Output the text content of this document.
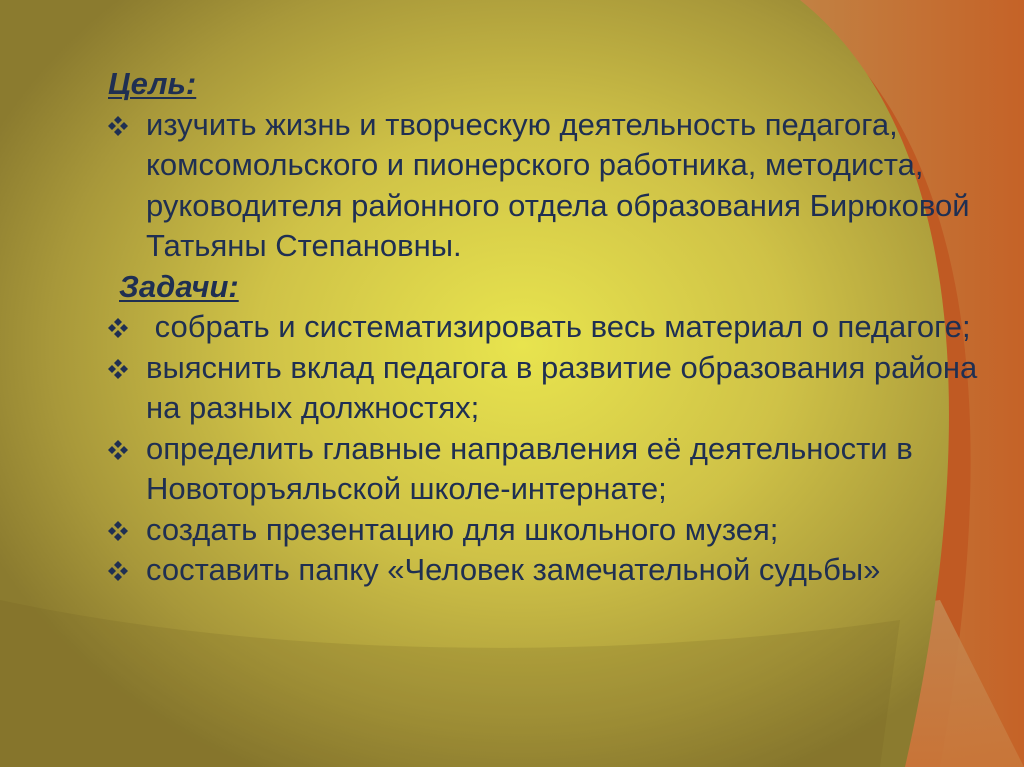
Цель:
изучить жизнь и творческую деятельность педагога, комсомольского и пионерского работника, методиста, руководителя районного отдела образования Бирюковой Татьяны Степановны.
Задачи:
собрать и систематизировать весь материал о педагоге;
выяснить вклад педагога в развитие образования района на разных должностях;
определить главные направления её деятельности в Новоторъяльской школе-интернате;
создать презентацию для школьного музея;
составить папку «Человек замечательной судьбы»
